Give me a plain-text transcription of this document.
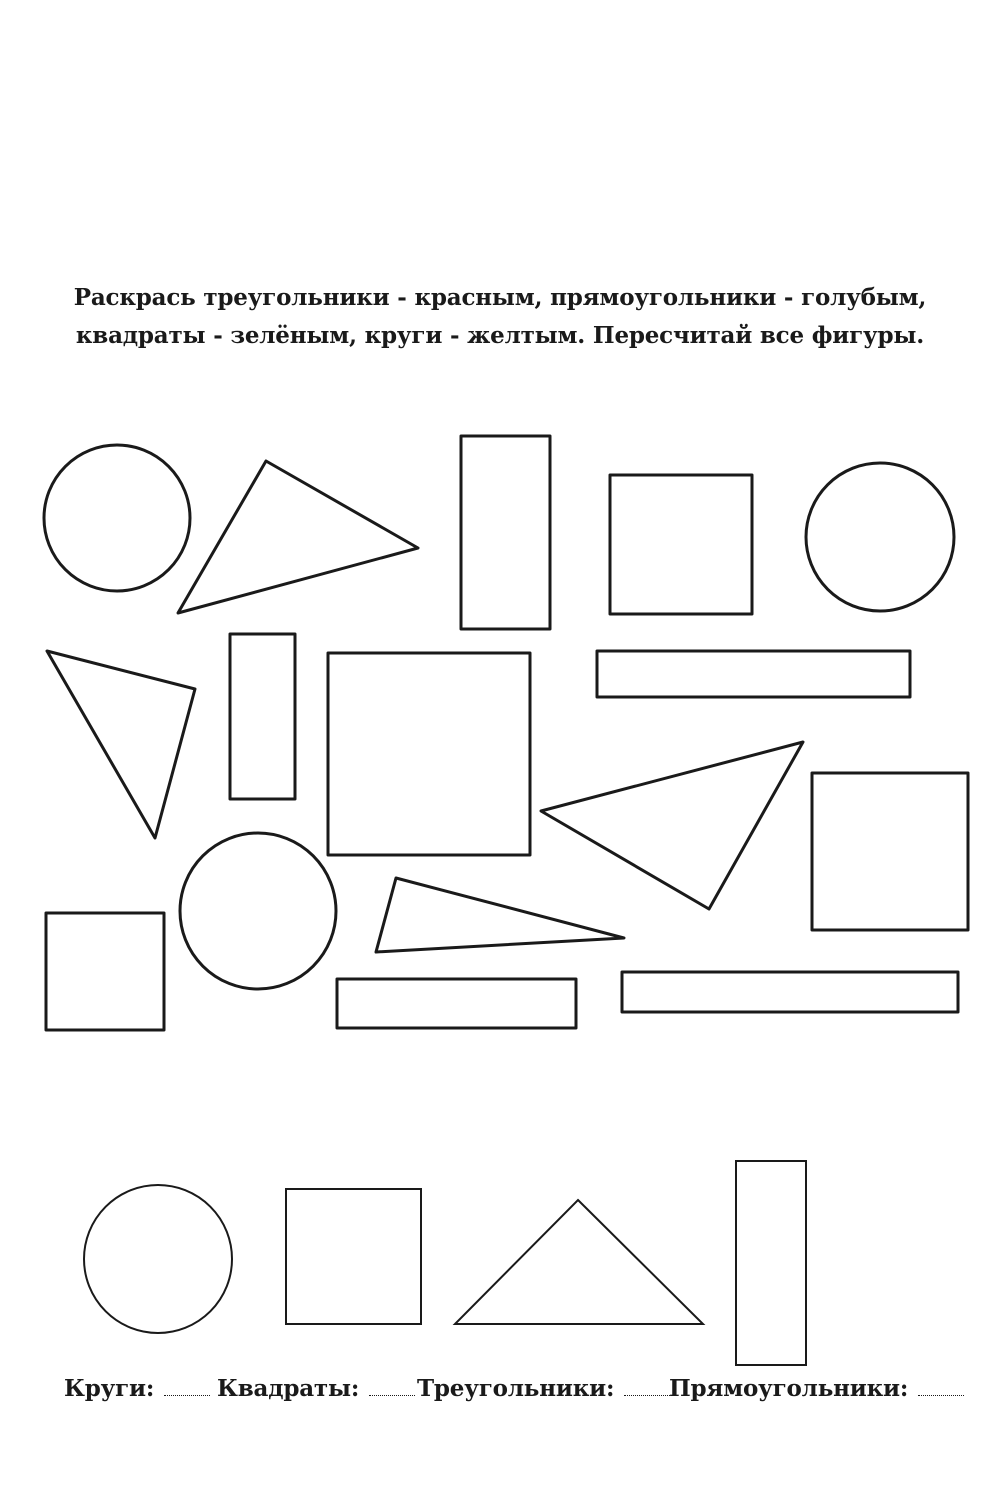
Раскрась треугольники - красным, прямоугольники - голубым,
квадраты - зелёным, круги - желтым. Пересчитай все фигуры.
Круги:	Квадраты:	Треугольники: Прямоугольники:
